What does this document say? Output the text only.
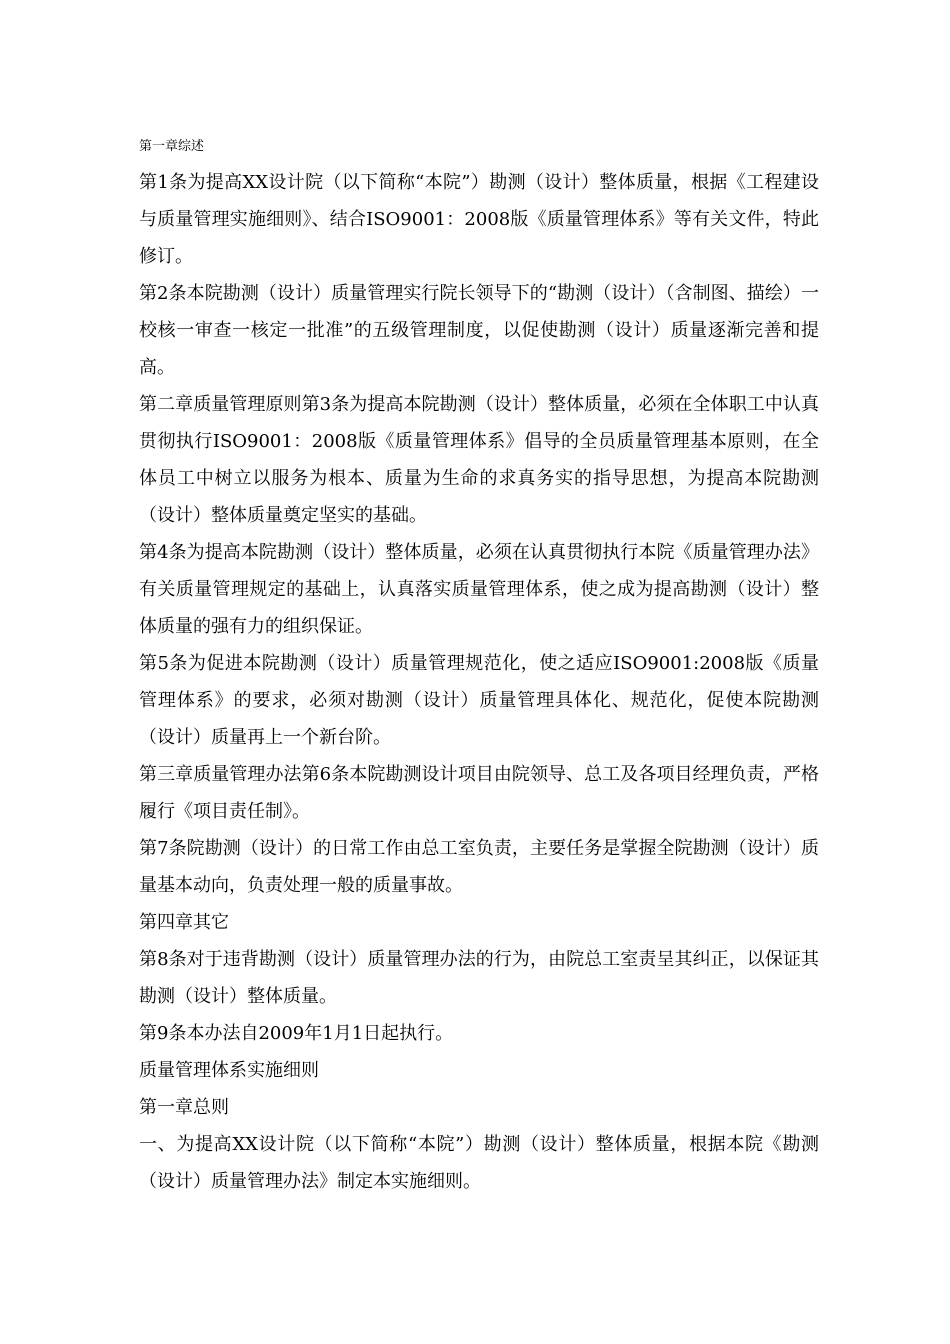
第一章综述

第1条为提高XX设计院（以下简称“本院”）勘测（设计）整体质量，根据《工程建设与质量管理实施细则》、结合ISO9001：2008版《质量管理体系》等有关文件，特此修订。

第2条本院勘测（设计）质量管理实行院长领导下的“勘测（设计）（含制图、描绘）一校核一审查一核定一批准”的五级管理制度，以促使勘测（设计）质量逐渐完善和提高。

第二章质量管理原则第3条为提高本院勘测（设计）整体质量，必须在全体职工中认真贯彻执行ISO9001：2008版《质量管理体系》倡导的全员质量管理基本原则，在全体员工中树立以服务为根本、质量为生命的求真务实的指导思想，为提高本院勘测（设计）整体质量奠定坚实的基础。

第4条为提高本院勘测（设计）整体质量，必须在认真贯彻执行本院《质量管理办法》有关质量管理规定的基础上，认真落实质量管理体系，使之成为提高勘测（设计）整体质量的强有力的组织保证。

第5条为促进本院勘测（设计）质量管理规范化，使之适应ISO9001:2008版《质量管理体系》的要求，必须对勘测（设计）质量管理具体化、规范化，促使本院勘测（设计）质量再上一个新台阶。

第三章质量管理办法第6条本院勘测设计项目由院领导、总工及各项目经理负责，严格履行《项目责任制》。

第7条院勘测（设计）的日常工作由总工室负责，主要任务是掌握全院勘测（设计）质量基本动向，负责处理一般的质量事故。

第四章其它

第8条对于违背勘测（设计）质量管理办法的行为，由院总工室责呈其纠正，以保证其勘测（设计）整体质量。

第9条本办法自2009年1月1日起执行。

质量管理体系实施细则

第一章总则

一、为提高XX设计院（以下简称“本院”）勘测（设计）整体质量，根据本院《勘测（设计）质量管理办法》制定本实施细则。
